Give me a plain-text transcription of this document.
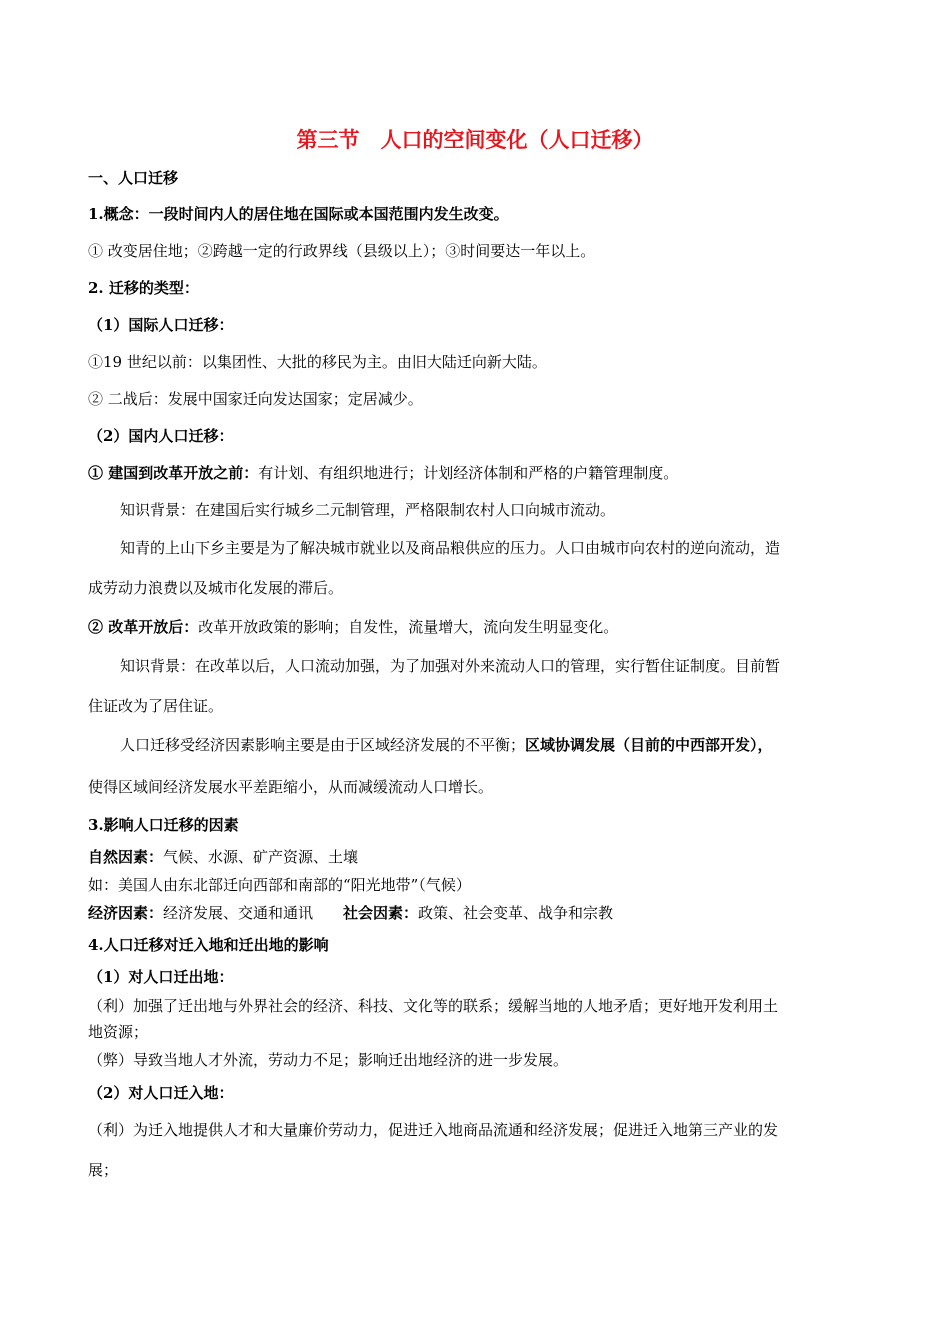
第三节　人口的空间变化（人口迁移）
一、人口迁移
1.概念：一段时间内人的居住地在国际或本国范围内发生改变。
① 改变居住地；②跨越一定的行政界线（县级以上）；③时间要达一年以上。
2. 迁移的类型：
（1）国际人口迁移：
①19 世纪以前：以集团性、大批的移民为主。由旧大陆迁向新大陆。
② 二战后：发展中国家迁向发达国家；定居减少。
（2）国内人口迁移：
① 建国到改革开放之前：有计划、有组织地进行；计划经济体制和严格的户籍管理制度。
知识背景：在建国后实行城乡二元制管理，严格限制农村人口向城市流动。
知青的上山下乡主要是为了解决城市就业以及商品粮供应的压力。人口由城市向农村的逆向流动，造
成劳动力浪费以及城市化发展的滞后。
② 改革开放后：改革开放政策的影响；自发性，流量增大，流向发生明显变化。
知识背景：在改革以后，人口流动加强，为了加强对外来流动人口的管理，实行暂住证制度。目前暂
住证改为了居住证。
人口迁移受经济因素影响主要是由于区域经济发展的不平衡；区域协调发展（目前的中西部开发），
使得区域间经济发展水平差距缩小，从而减缓流动人口增长。
3.影响人口迁移的因素
自然因素：气候、水源、矿产资源、土壤
如：美国人由东北部迁向西部和南部的“阳光地带”（气候）
经济因素：经济发展、交通和通讯 社会因素：政策、社会变革、战争和宗教
4.人口迁移对迁入地和迁出地的影响
（1）对人口迁出地：
（利）加强了迁出地与外界社会的经济、科技、文化等的联系；缓解当地的人地矛盾；更好地开发利用土
地资源；
（弊）导致当地人才外流，劳动力不足；影响迁出地经济的进一步发展。
（2）对人口迁入地：
（利）为迁入地提供人才和大量廉价劳动力，促进迁入地商品流通和经济发展；促进迁入地第三产业的发
展；
